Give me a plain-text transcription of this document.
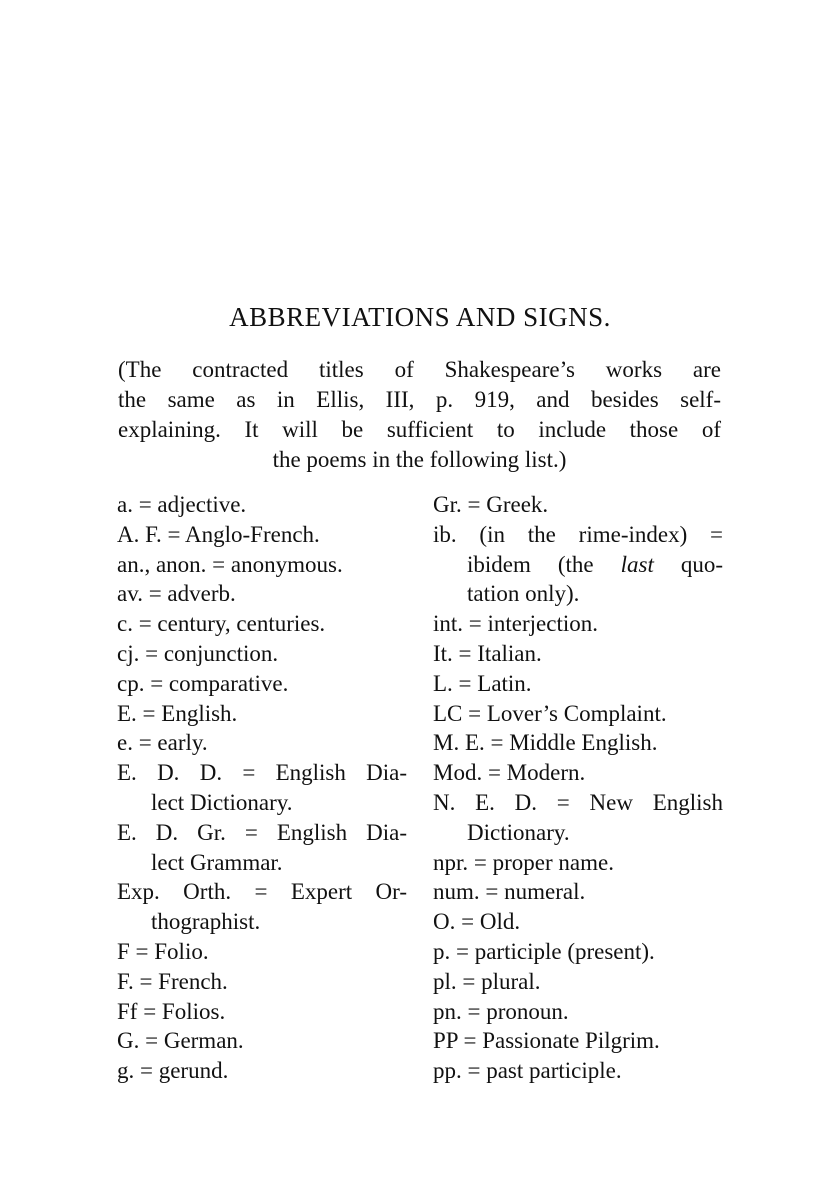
ABBREVIATIONS AND SIGNS.

(The contracted titles of Shakespeare’s works are
the same as in Ellis, III, p. 919, and besides self-
explaining. It will be sufficient to include those of
the poems in the following list.)

a. = adjective.
A. F. = Anglo-French.
an., anon. = anonymous.
av. = adverb.
c. = century, centuries.
cj. = conjunction.
cp. = comparative.
E. = English.
e. = early.
E. D. D. = English Dia-
lect Dictionary.
E. D. Gr. = English Dia-
lect Grammar.
Exp. Orth. = Expert Or-
thographist.
F = Folio.
F. = French.
Ff = Folios.
G. = German.
g. = gerund.
Gr. = Greek.
ib. (in the rime-index) =
ibidem (the last quo-
tation only).
int. = interjection.
It. = Italian.
L. = Latin.
LC = Lover’s Complaint.
M. E. = Middle English.
Mod. = Modern.
N. E. D. = New English
Dictionary.
npr. = proper name.
num. = numeral.
O. = Old.
p. = participle (present).
pl. = plural.
pn. = pronoun.
PP = Passionate Pilgrim.
pp. = past participle.
